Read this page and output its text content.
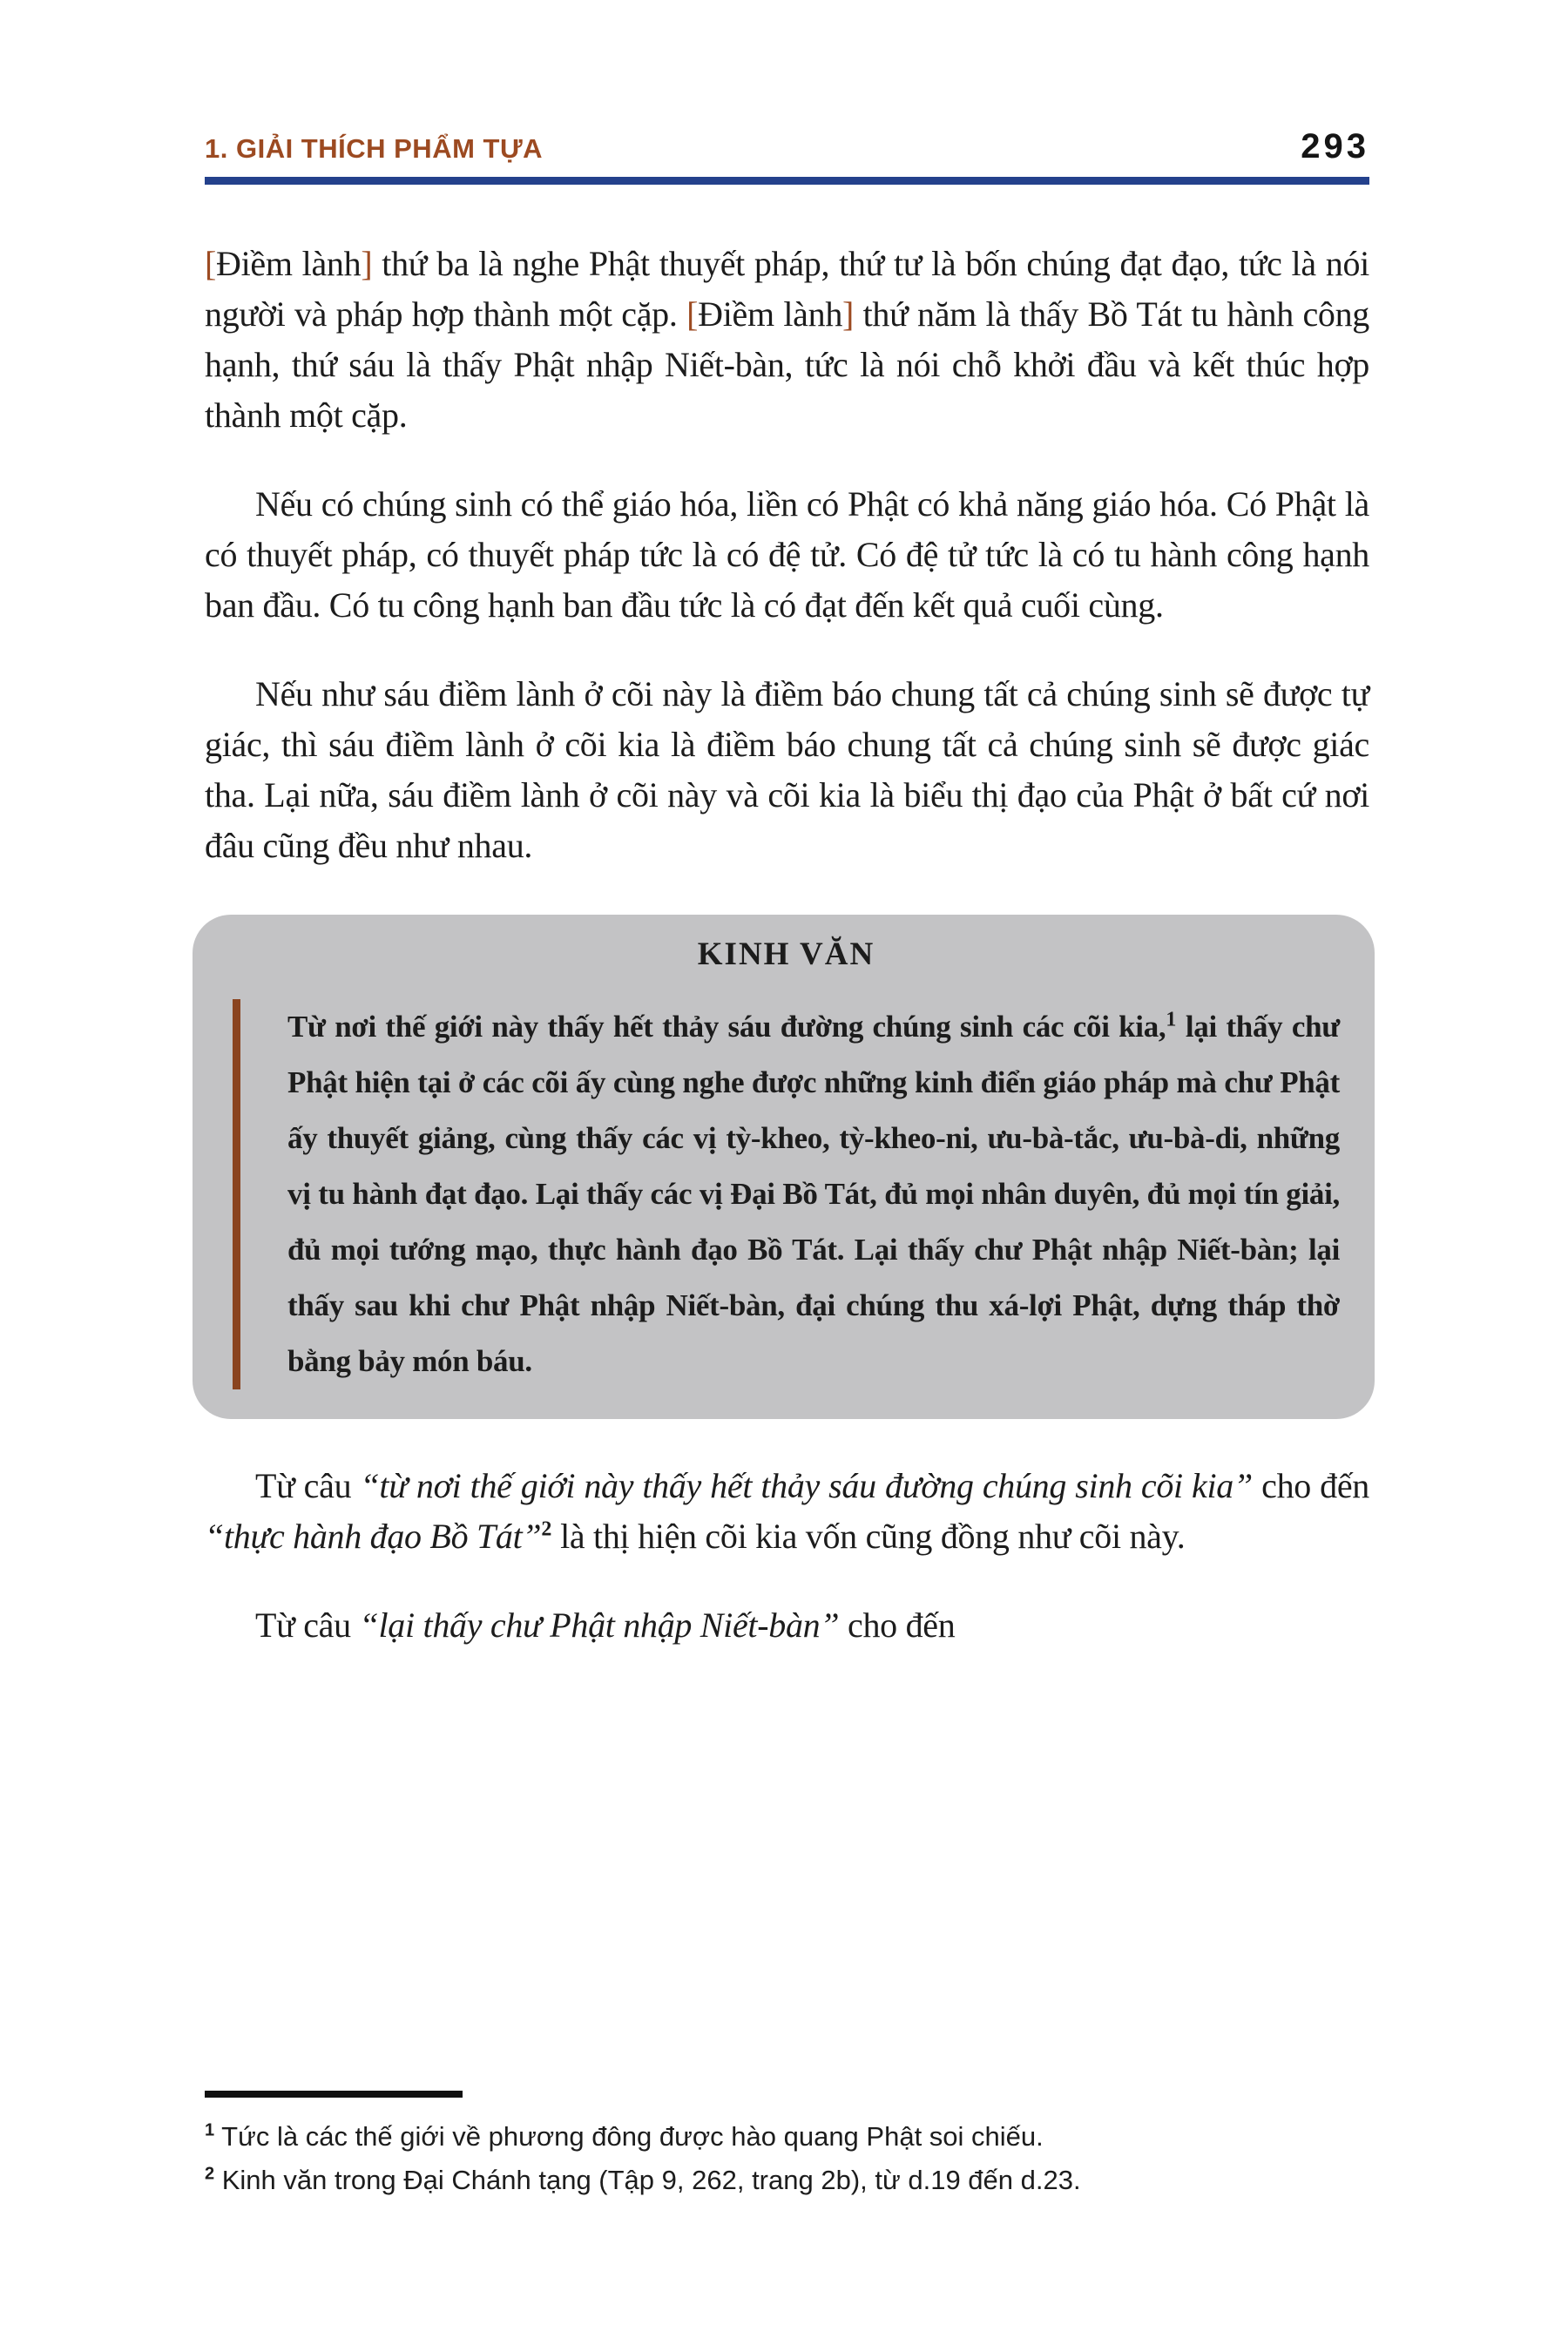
1. GIẢI THÍCH PHẨM TỰA	293

[Điềm lành] thứ ba là nghe Phật thuyết pháp, thứ tư là bốn chúng đạt đạo, tức là nói người và pháp hợp thành một cặp. [Điềm lành] thứ năm là thấy Bồ Tát tu hành công hạnh, thứ sáu là thấy Phật nhập Niết-bàn, tức là nói chỗ khởi đầu và kết thúc hợp thành một cặp.

Nếu có chúng sinh có thể giáo hóa, liền có Phật có khả năng giáo hóa. Có Phật là có thuyết pháp, có thuyết pháp tức là có đệ tử. Có đệ tử tức là có tu hành công hạnh ban đầu. Có tu công hạnh ban đầu tức là có đạt đến kết quả cuối cùng.

Nếu như sáu điềm lành ở cõi này là điềm báo chung tất cả chúng sinh sẽ được tự giác, thì sáu điềm lành ở cõi kia là điềm báo chung tất cả chúng sinh sẽ được giác tha. Lại nữa, sáu điềm lành ở cõi này và cõi kia là biểu thị đạo của Phật ở bất cứ nơi đâu cũng đều như nhau.

KINH VĂN
Từ nơi thế giới này thấy hết thảy sáu đường chúng sinh các cõi kia,$^1$ lại thấy chư Phật hiện tại ở các cõi ấy cùng nghe được những kinh điển giáo pháp mà chư Phật ấy thuyết giảng, cùng thấy các vị tỳ-kheo, tỳ-kheo-ni, ưu-bà-tắc, ưu-bà-di, những vị tu hành đạt đạo. Lại thấy các vị Đại Bồ Tát, đủ mọi nhân duyên, đủ mọi tín giải, đủ mọi tướng mạo, thực hành đạo Bồ Tát. Lại thấy chư Phật nhập Niết-bàn; lại thấy sau khi chư Phật nhập Niết-bàn, đại chúng thu xá-lợi Phật, dựng tháp thờ bằng bảy món báu.

Từ câu “từ nơi thế giới này thấy hết thảy sáu đường chúng sinh cõi kia” cho đến “thực hành đạo Bồ Tát”$^2$ là thị hiện cõi kia vốn cũng đồng như cõi này.

Từ câu “lại thấy chư Phật nhập Niết-bàn” cho đến

$^1$ Tức là các thế giới về phương đông được hào quang Phật soi chiếu.

$^2$ Kinh văn trong Đại Chánh tạng (Tập 9, 262, trang 2b), từ d.19 đến d.23.
